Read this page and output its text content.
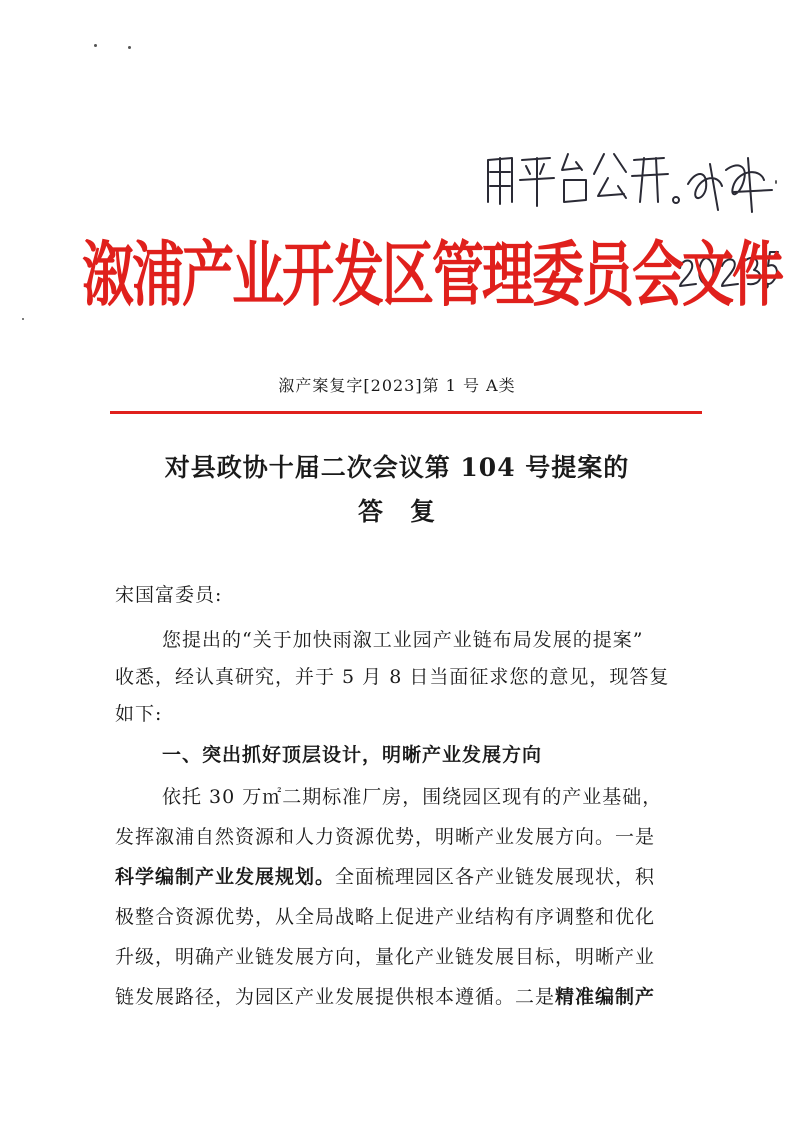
溆浦产业开发区管理委员会文件
溆产案复字[2023]第 1 号 A类
对县政协十届二次会议第 104 号提案的
答　复
宋国富委员:
您提出的“关于加快雨溆工业园产业链布局发展的提案”
收悉，经认真研究，并于 5 月 8 日当面征求您的意见，现答复
如下:
一、突出抓好顶层设计，明晰产业发展方向
依托 30 万㎡二期标准厂房，围绕园区现有的产业基础，
发挥溆浦自然资源和人力资源优势，明晰产业发展方向。一是
科学编制产业发展规划。全面梳理园区各产业链发展现状，积
极整合资源优势，从全局战略上促进产业结构有序调整和优化
升级，明确产业链发展方向，量化产业链发展目标，明晰产业
链发展路径，为园区产业发展提供根本遵循。二是精准编制产
